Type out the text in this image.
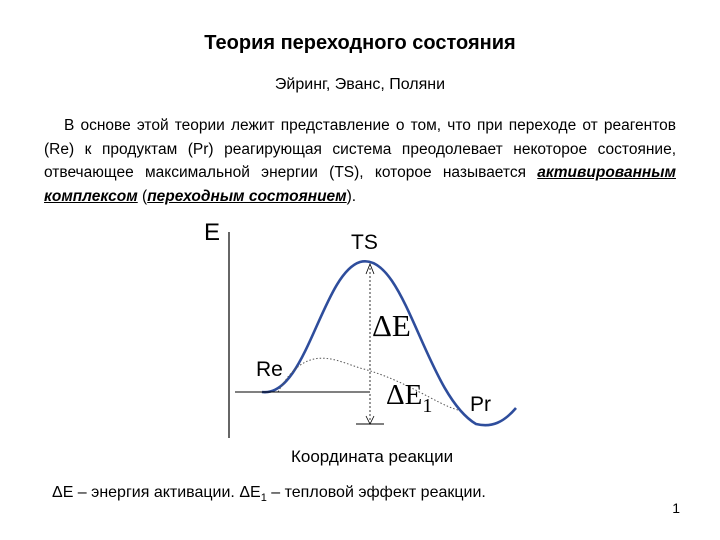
Теория переходного состояния
Эйринг, Эванс, Поляни

В основе этой теории лежит представление о том, что при переходе от реагентов (Re) к продуктам (Pr) реагирующая система преодолевает некоторое состояние, отвечающее максимальной энергии (TS), которое называется активированным комплексом (переходным состоянием).

E
Координата реакции
TS
Re
Pr
ΔE
$\Delta E_1$
ΔE – энергия активации. $\Delta E_1$ – тепловой эффект реакции.
1
